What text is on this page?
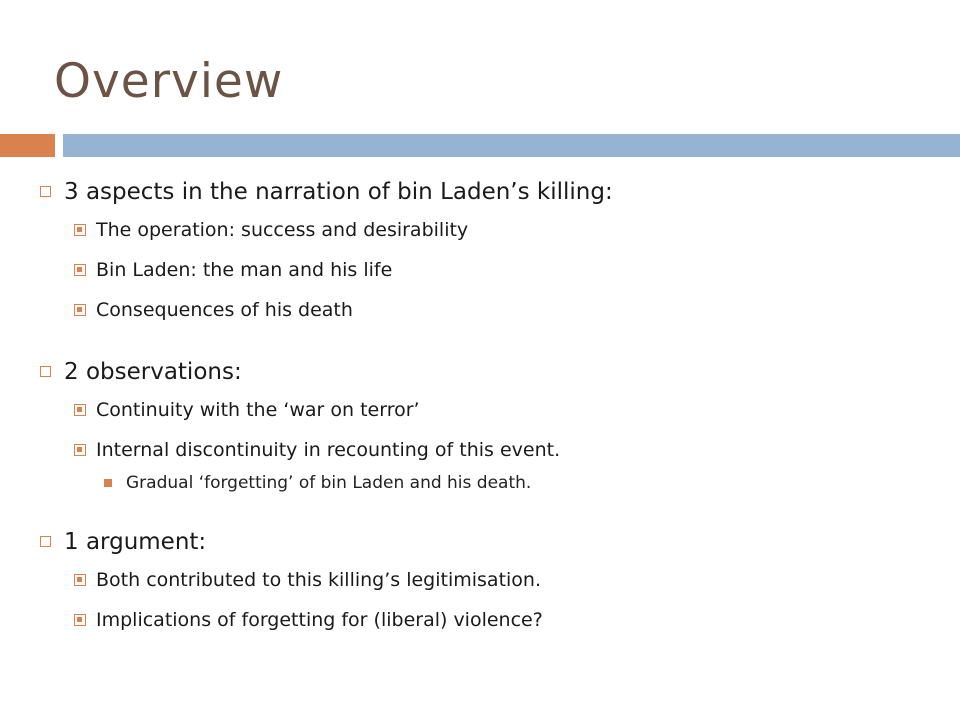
Overview
3 aspects in the narration of bin Laden’s killing:
The operation: success and desirability
Bin Laden: the man and his life
Consequences of his death
2 observations:
Continuity with the ‘war on terror’
Internal discontinuity in recounting of this event.
Gradual ‘forgetting’ of bin Laden and his death.
1 argument:
Both contributed to this killing’s legitimisation.
Implications of forgetting for (liberal) violence?
